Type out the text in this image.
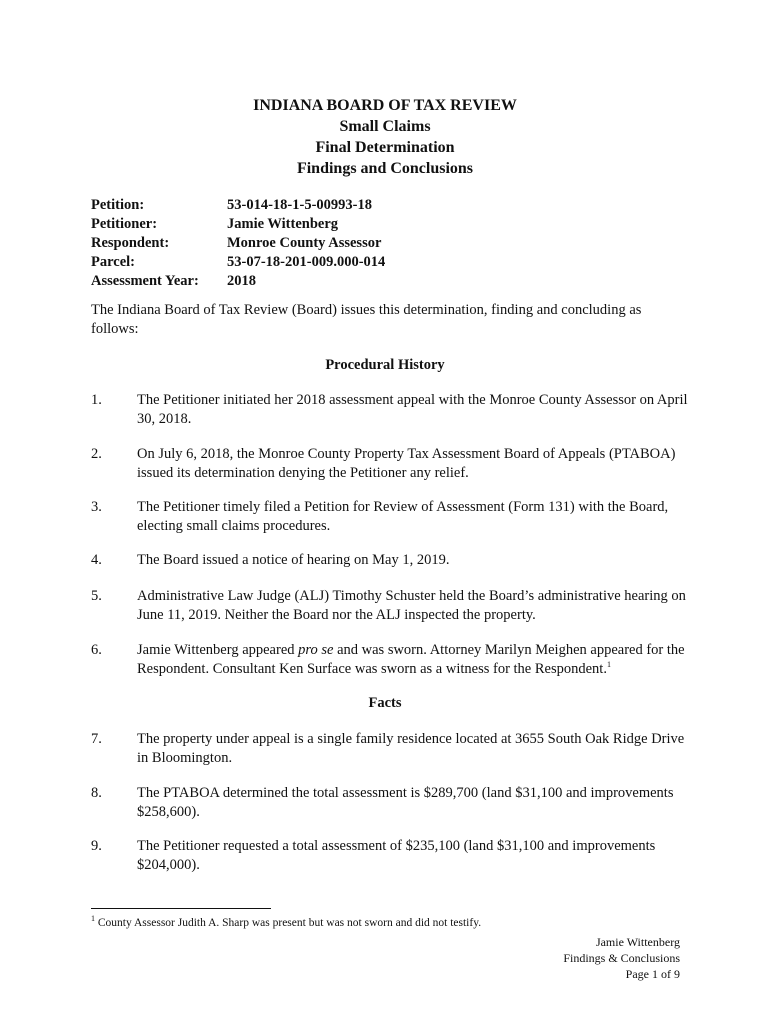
INDIANA BOARD OF TAX REVIEW
Small Claims
Final Determination
Findings and Conclusions
Petition:	53-014-18-1-5-00993-18
Petitioner:	Jamie Wittenberg
Respondent:	Monroe County Assessor
Parcel:	53-07-18-201-009.000-014
Assessment Year:	2018
The Indiana Board of Tax Review (Board) issues this determination, finding and concluding as follows:
Procedural History
1.	The Petitioner initiated her 2018 assessment appeal with the Monroe County Assessor on April 30, 2018.
2.	On July 6, 2018, the Monroe County Property Tax Assessment Board of Appeals (PTABOA) issued its determination denying the Petitioner any relief.
3.	The Petitioner timely filed a Petition for Review of Assessment (Form 131) with the Board, electing small claims procedures.
4.	The Board issued a notice of hearing on May 1, 2019.
5.	Administrative Law Judge (ALJ) Timothy Schuster held the Board’s administrative hearing on June 11, 2019. Neither the Board nor the ALJ inspected the property.
6.	Jamie Wittenberg appeared pro se and was sworn. Attorney Marilyn Meighen appeared for the Respondent. Consultant Ken Surface was sworn as a witness for the Respondent.$^1$
Facts
7.	The property under appeal is a single family residence located at 3655 South Oak Ridge Drive in Bloomington.
8.	The PTABOA determined the total assessment is $289,700 (land $31,100 and improvements $258,600).
9.	The Petitioner requested a total assessment of $235,100 (land $31,100 and improvements $204,000).
$^1$ County Assessor Judith A. Sharp was present but was not sworn and did not testify.
Jamie Wittenberg
Findings & Conclusions
Page 1 of 9
